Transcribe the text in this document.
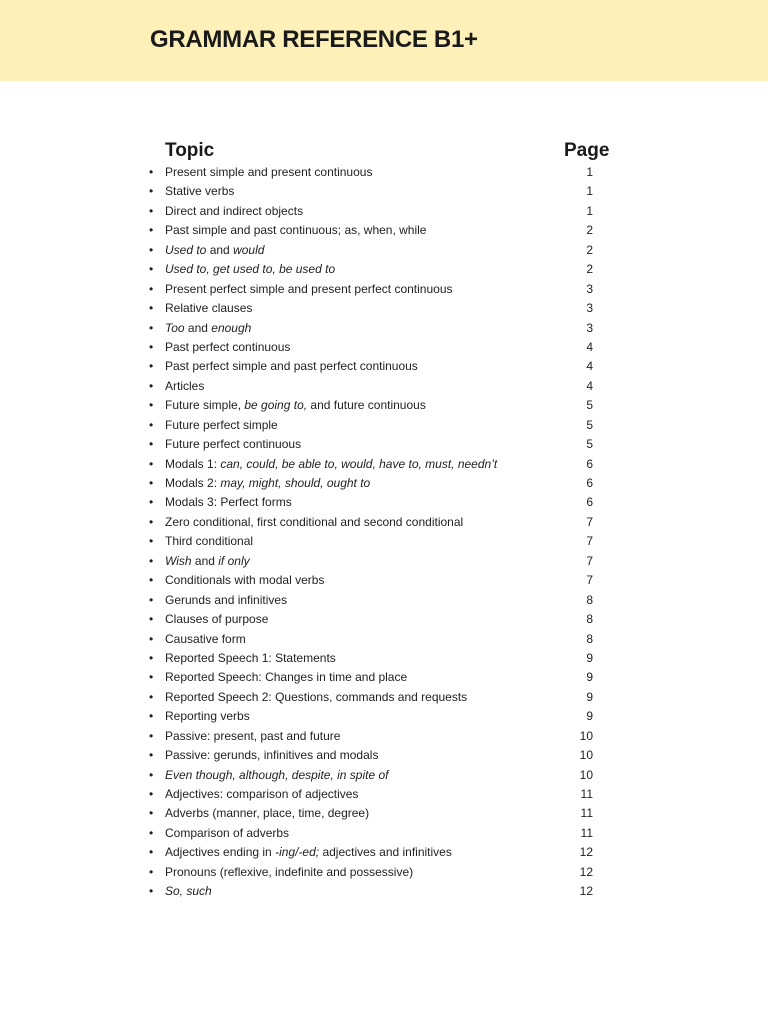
GRAMMAR REFERENCE B1+
Topic	Page
• Present simple and present continuous	1
• Stative verbs	1
• Direct and indirect objects	1
• Past simple and past continuous; as, when, while	2
• Used to and would	2
• Used to, get used to, be used to	2
• Present perfect simple and present perfect continuous	3
• Relative clauses	3
• Too and enough	3
• Past perfect continuous	4
• Past perfect simple and past perfect continuous	4
• Articles	4
• Future simple, be going to, and future continuous	5
• Future perfect simple	5
• Future perfect continuous	5
• Modals 1: can, could, be able to, would, have to, must, needn’t	6
• Modals 2: may, might, should, ought to	6
• Modals 3: Perfect forms	6
• Zero conditional, first conditional and second conditional	7
• Third conditional	7
• Wish and if only	7
• Conditionals with modal verbs	7
• Gerunds and infinitives	8
• Clauses of purpose	8
• Causative form	8
• Reported Speech 1: Statements	9
• Reported Speech: Changes in time and place	9
• Reported Speech 2: Questions, commands and requests	9
• Reporting verbs	9
• Passive: present, past and future	10
• Passive: gerunds, infinitives and modals	10
• Even though, although, despite, in spite of	10
• Adjectives: comparison of adjectives	11
• Adverbs (manner, place, time, degree)	11
• Comparison of adverbs	11
• Adjectives ending in -ing/-ed; adjectives and infinitives	12
• Pronouns (reflexive, indefinite and possessive)	12
• So, such	12
